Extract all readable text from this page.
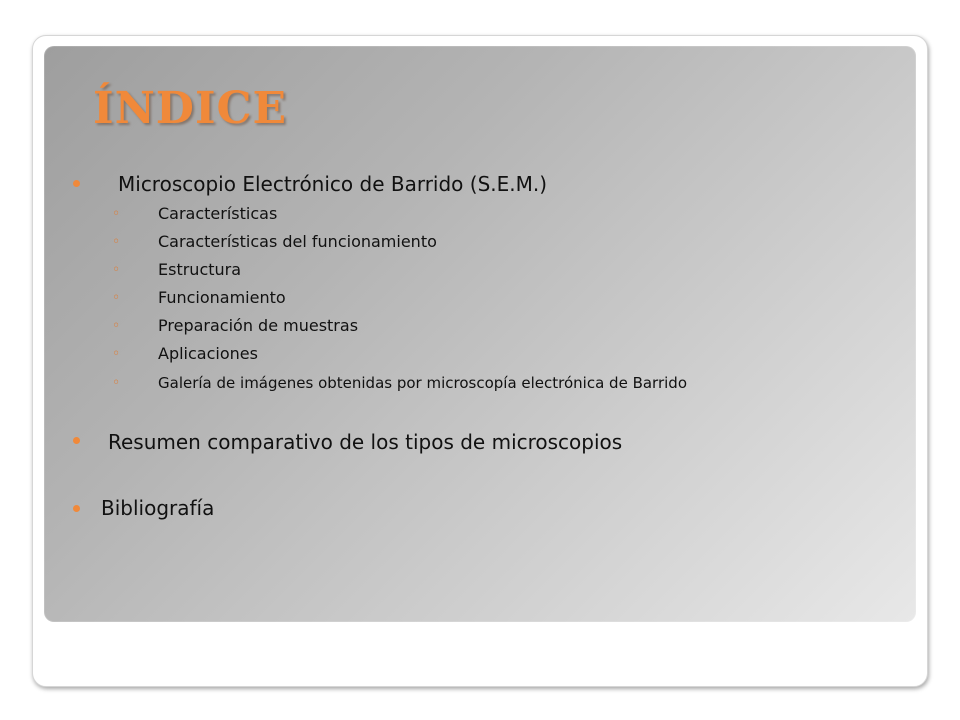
ÍNDICE
Microscopio Electrónico de Barrido (S.E.M.)
◦ Características
◦ Características del funcionamiento
◦ Estructura
◦ Funcionamiento
◦ Preparación de muestras
◦ Aplicaciones
◦	Galería de imágenes obtenidas por microscopía electrónica de Barrido
Resumen comparativo de los tipos de microscopios
Bibliografía
